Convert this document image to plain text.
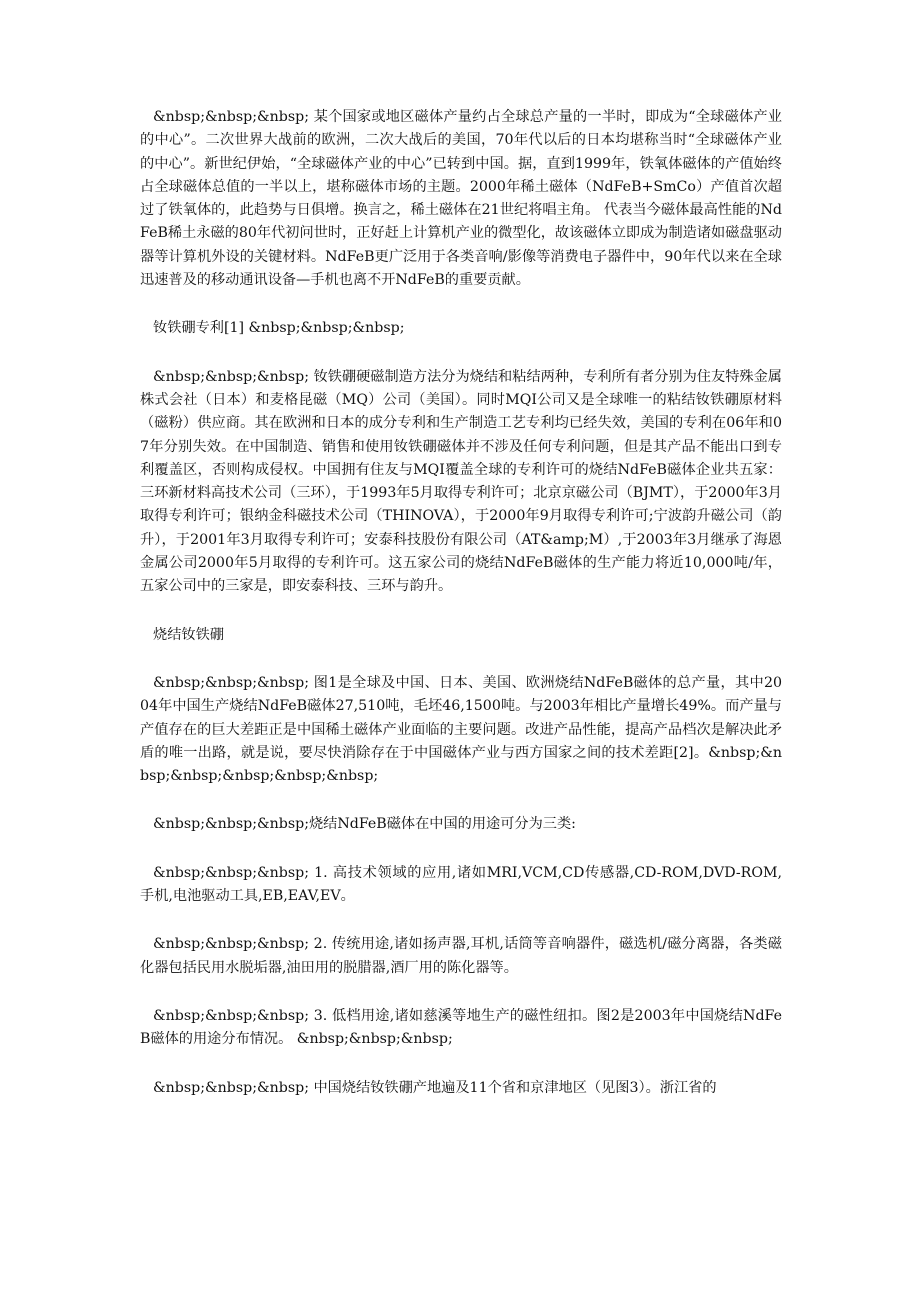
&nbsp;&nbsp;&nbsp; 某个国家或地区磁体产量约占全球总产量的一半时，即成为“全球磁体产业的中心”。二次世界大战前的欧洲，二次大战后的美国，70年代以后的日本均堪称当时“全球磁体产业的中心”。新世纪伊始，“全球磁体产业的中心”已转到中国。据，直到1999年，铁氧体磁体的产值始终占全球磁体总值的一半以上，堪称磁体市场的主题。2000年稀土磁体（NdFeB+SmCo）产值首次超过了铁氧体的，此趋势与日俱增。换言之，稀土磁体在21世纪将唱主角。 代表当今磁体最高性能的NdFeB稀土永磁的80年代初问世时，正好赶上计算机产业的微型化，故该磁体立即成为制造诸如磁盘驱动器等计算机外设的关键材料。NdFeB更广泛用于各类音响/影像等消费电子器件中，90年代以来在全球迅速普及的移动通讯设备—手机也离不开NdFeB的重要贡献。

钕铁硼专利[1] &nbsp;&nbsp;&nbsp;

&nbsp;&nbsp;&nbsp; 钕铁硼硬磁制造方法分为烧结和粘结两种，专利所有者分别为住友特殊金属株式会社（日本）和麦格昆磁（MQ）公司（美国）。同时MQI公司又是全球唯一的粘结钕铁硼原材料（磁粉）供应商。其在欧洲和日本的成分专利和生产制造工艺专利均已经失效，美国的专利在06年和07年分别失效。在中国制造、销售和使用钕铁硼磁体并不涉及任何专利问题，但是其产品不能出口到专利覆盖区，否则构成侵权。中国拥有住友与MQI覆盖全球的专利许可的烧结NdFeB磁体企业共五家：三环新材料高技术公司（三环），于1993年5月取得专利许可；北京京磁公司（BJMT），于2000年3月取得专利许可；银纳金科磁技术公司（THINOVA），于2000年9月取得专利许可;宁波韵升磁公司（韵升），于2001年3月取得专利许可；安泰科技股份有限公司（AT&amp;M）,于2003年3月继承了海恩金属公司2000年5月取得的专利许可。这五家公司的烧结NdFeB磁体的生产能力将近10,000吨/年，五家公司中的三家是，即安泰科技、三环与韵升。

烧结钕铁硼

&nbsp;&nbsp;&nbsp; 图1是全球及中国、日本、美国、欧洲烧结NdFeB磁体的总产量，其中2004年中国生产烧结NdFeB磁体27,510吨，毛坯46,1500吨。与2003年相比产量增长49%。而产量与产值存在的巨大差距正是中国稀土磁体产业面临的主要问题。改进产品性能，提高产品档次是解决此矛盾的唯一出路，就是说，要尽快消除存在于中国磁体产业与西方国家之间的技术差距[2]。&nbsp;&nbsp;&nbsp;&nbsp;&nbsp;&nbsp;

&nbsp;&nbsp;&nbsp;烧结NdFeB磁体在中国的用途可分为三类:

&nbsp;&nbsp;&nbsp; 1. 高技术领域的应用,诸如MRI,VCM,CD传感器,CD-ROM,DVD-ROM,手机,电池驱动工具,EB,EAV,EV。

&nbsp;&nbsp;&nbsp; 2. 传统用途,诸如扬声器,耳机,话筒等音响器件，磁选机/磁分离器，各类磁化器包括民用水脱垢器,油田用的脱腊器,酒厂用的陈化器等。

&nbsp;&nbsp;&nbsp; 3. 低档用途,诸如慈溪等地生产的磁性纽扣。图2是2003年中国烧结NdFeB磁体的用途分布情况。 &nbsp;&nbsp;&nbsp;

&nbsp;&nbsp;&nbsp; 中国烧结钕铁硼产地遍及11个省和京津地区（见图3）。浙江省的
